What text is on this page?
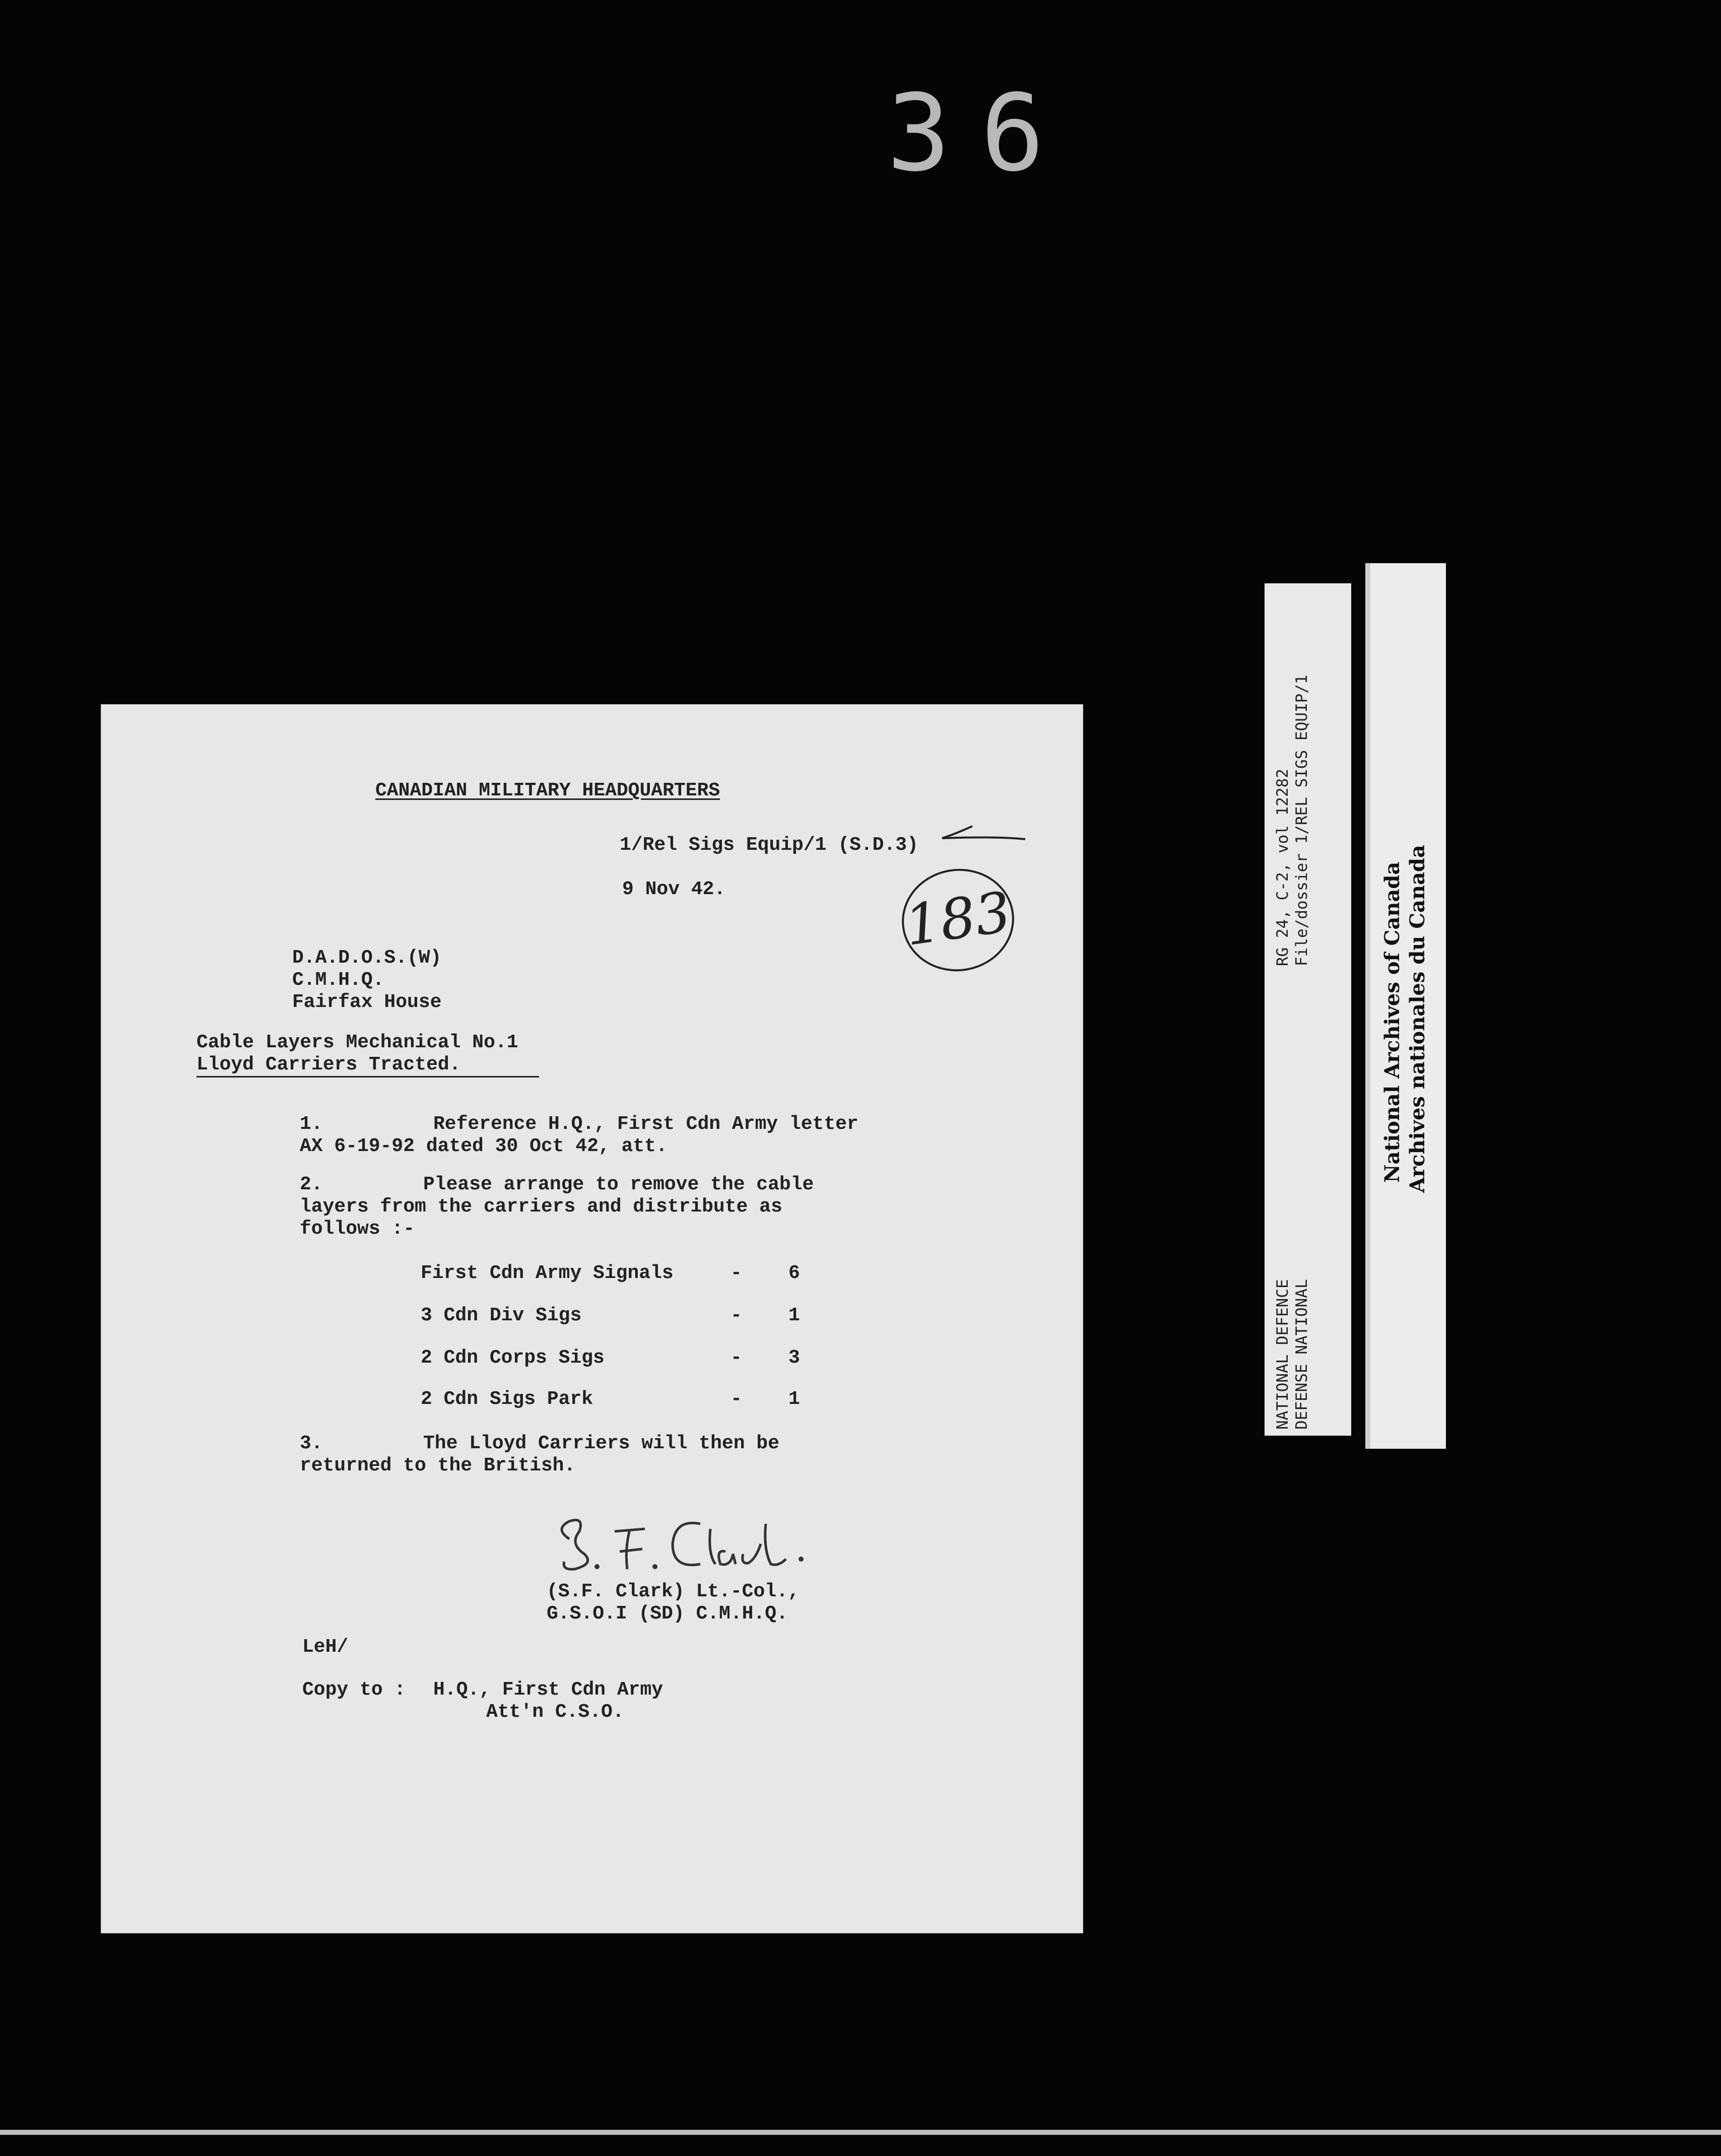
36
CANADIAN MILITARY HEADQUARTERS
1/Rel Sigs Equip/1 (S.D.3)
9 Nov 42.	183
D.A.D.O.S.(W)
C.M.H.Q.
Fairfax House
Cable Layers Mechanical No.1
Lloyd Carriers Tracted.
1.	Reference H.Q., First Cdn Army letter
AX 6-19-92 dated 30 Oct 42, att.
2.	Please arrange to remove the cable
layers from the carriers and distribute as
follows :-
First Cdn Army Signals	- 6
3 Cdn Div Sigs	- 1
2 Cdn Corps Sigs	- 3
2 Cdn Sigs Park	- 1
3.	The Lloyd Carriers will then be
returned to the British.
(S.F. Clark) Lt.-Col.,
G.S.O.I (SD) C.M.H.Q.
LeH/
Copy to : H.Q., First Cdn Army
Att'n C.S.O.
RG 24, C-2, vol 12282 File/dossier 1/REL SIGS EQUIP/1
NATIONAL DEFENCE DEFENSE NATIONAL
National Archives of Canada Archives nationales du Canada
